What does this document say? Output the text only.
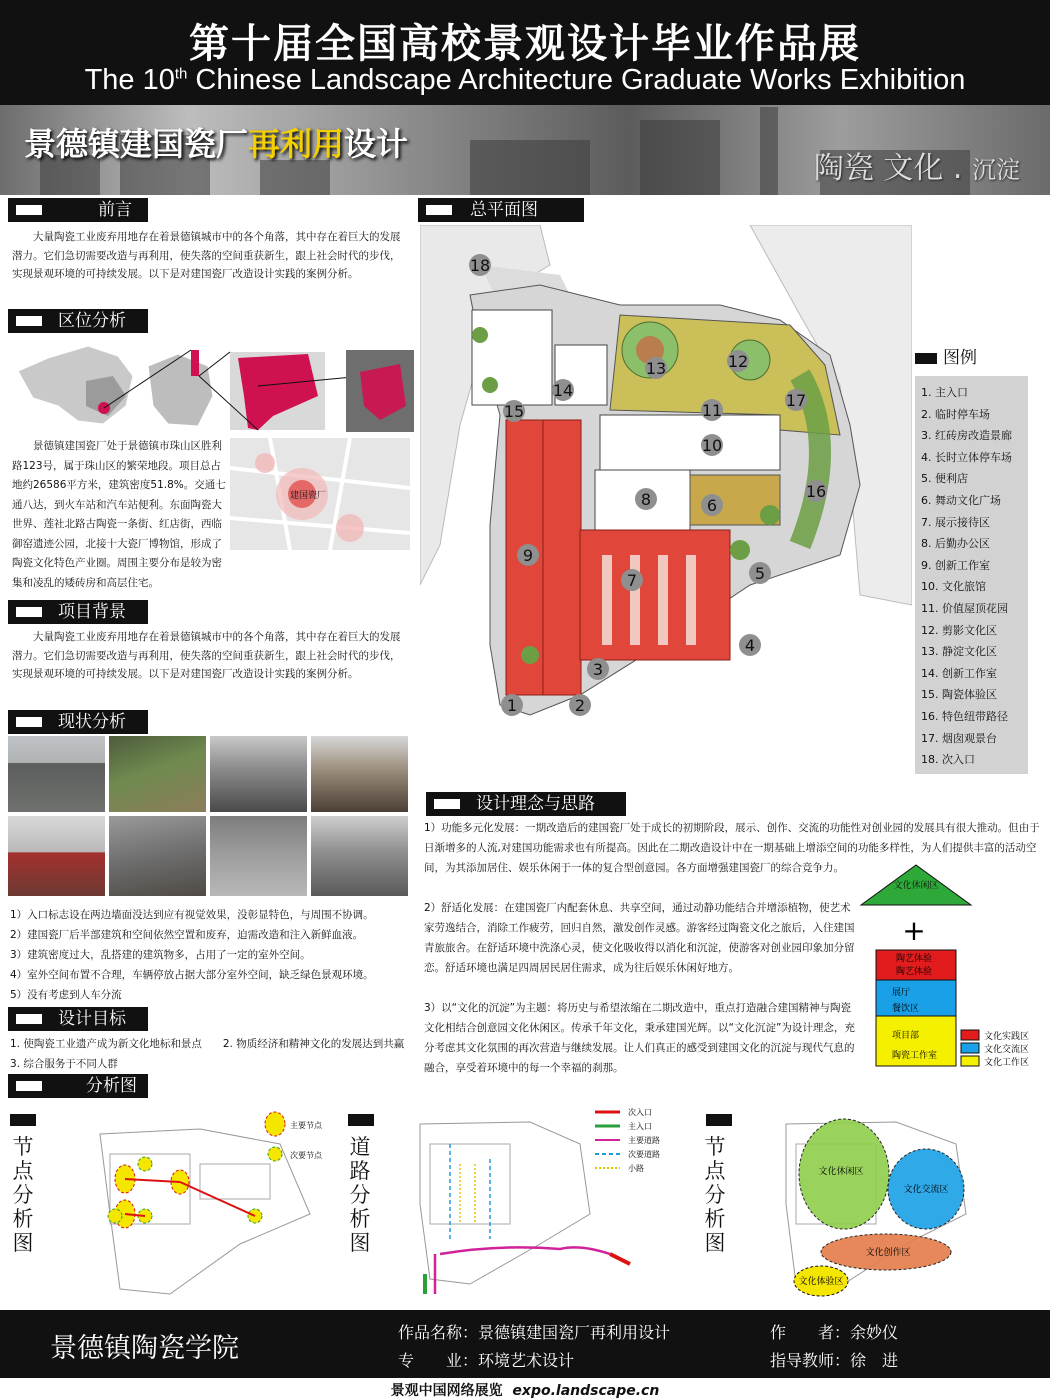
第十届全国高校景观设计毕业作品展
The 10th Chinese Landscape Architecture Graduate Works Exhibition
景德镇建国瓷厂再利用设计
陶瓷 文化 . 沉淀
前言
大量陶瓷工业废弃用地存在着景德镇城市中的各个角落，其中存在着巨大的发展潜力。它们急切需要改造与再利用，使失落的空间重获新生，跟上社会时代的步伐，实现景观环境的可持续发展。以下是对建国瓷厂改造设计实践的案例分析。
区位分析
景德镇建国瓷厂处于景德镇市珠山区胜利路123号，属于珠山区的繁荣地段。项目总占地约26586平方米，建筑密度51.8%。交通七通八达，到火车站和汽车站便利。东面陶瓷大世界、莲社北路古陶瓷一条街、红店街，西临御窑遗迹公园，北接十大瓷厂博物馆，形成了陶瓷文化特色产业圈。周围主要分布是较为密集和凌乱的矮砖房和高层住宅。
建国瓷厂
项目背景
大量陶瓷工业废弃用地存在着景德镇城市中的各个角落，其中存在着巨大的发展潜力。它们急切需要改造与再利用，使失落的空间重获新生，跟上社会时代的步伐，实现景观环境的可持续发展。以下是对建国瓷厂改造设计实践的案例分析。
现状分析
1）入口标志设在两边墙面没达到应有视觉效果，没彰显特色，与周围不协调。
2）建国瓷厂后半部建筑和空间依然空置和废弃，迫需改造和注入新鲜血液。
3）建筑密度过大，乱搭建的建筑物多，占用了一定的室外空间。
4）室外空间布置不合理，车辆停放占据大部分室外空间，缺乏绿色景观环境。
5）没有考虑到人车分流
设计目标
1. 使陶瓷工业遗产成为新文化地标和景点　　2. 物质经济和精神文化的发展达到共赢　　3. 综合服务于不同人群
总平面图
1	2
3
4
5
6
7
8
9
10
11
12
13
14
15
16
17
18
图例
1. 主入口
2. 临时停车场
3. 红砖房改造景廊
4. 长时立体停车场
5. 便利店
6. 舞动文化广场
7. 展示接待区
8. 后勤办公区
9. 创新工作室
10. 文化旅馆
11. 价值屋顶花园
12. 剪影文化区
13. 静淀文化区
14. 创新工作室
15. 陶瓷体验区
16. 特色纽带路径
17. 烟囱观景台
18. 次入口
设计理念与思路
1）功能多元化发展：一期改造后的建国瓷厂处于成长的初期阶段，展示、创作、交流的功能性对创业园的发展具有很大推动。但由于日渐增多的人流,对建国功能需求也有所提高。因此在二期改造设计中在一期基础上增添空间的功能多样性，为人们提供丰富的活动空间，为其添加居住、娱乐休闲于一体的复合型创意园。各方面增强建国瓷厂的综合竞争力。
2）舒适化发展：在建国瓷厂内配套休息、共享空间，通过动静功能结合并增添植物，使艺术家劳逸结合，消除工作疲劳，回归自然，激发创作灵感。游客经过陶瓷文化之旅后，入住建国青旅旅舍。在舒适环境中洗涤心灵，使文化吸收得以消化和沉淀，使游客对创业园印象加分留恋。舒适环境也满足四周居民居住需求，成为往后娱乐休闲好地方。
3）以“文化的沉淀”为主题：将历史与希望浓缩在二期改造中，重点打造融合建国精神与陶瓷文化相结合创意园文化休闲区。传承千年文化，秉承建国光辉。以“文化沉淀”为设计理念，充分考虑其文化氛围的再次营造与继续发展。让人们真正的感受到建国文化的沉淀与现代气息的融合，享受着环境中的每一个幸福的刹那。
文化休闲区
+
陶艺体验
陶艺体验
展厅
餐饮区
项目部
陶瓷工作室
文化实践区
文化交流区
文化工作区
分析图
节点分析图
道路分析图
节点分析图
主要节点
次要节点
次入口
主入口
主要道路
次要道路
小路	文化休闲区
文化交流区
文化创作区
文化体验区
景德镇陶瓷学院
作品名称：景德镇建国瓷厂再利用设计
专　　业：环境艺术设计
作　　者：余妙仪
指导教师：徐　进
景观中国网络展览 expo.landscape.cn
